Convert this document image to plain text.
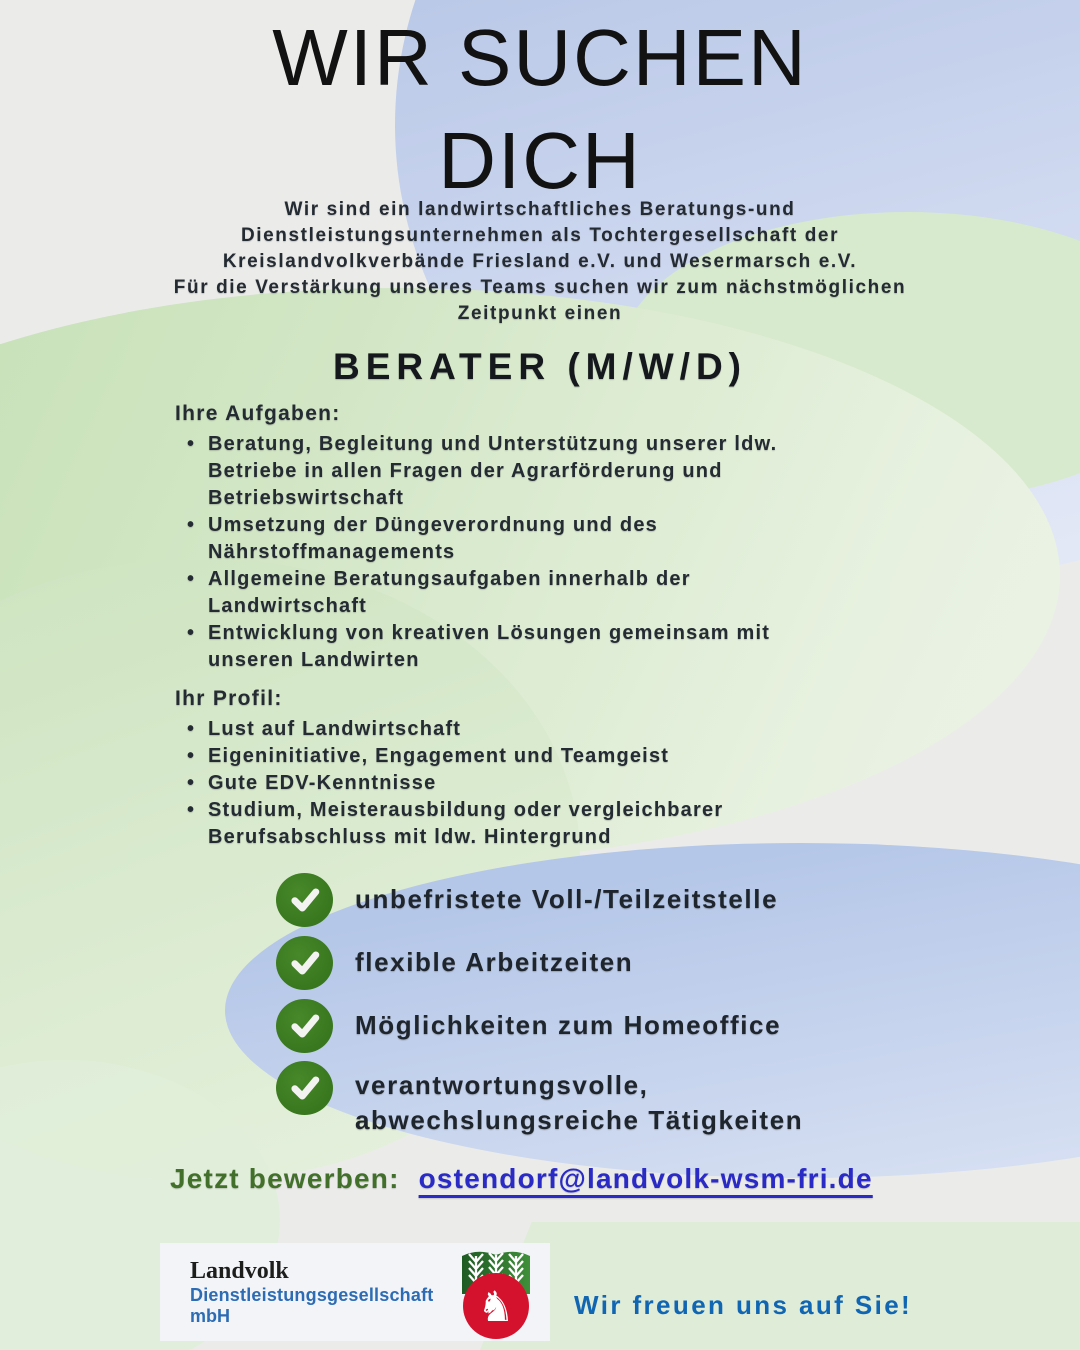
WIR SUCHEN
DICH
Wir sind ein landwirtschaftliches Beratungs-und
Dienstleistungsunternehmen als Tochtergesellschaft der
Kreislandvolkverbände Friesland e.V. und Wesermarsch e.V.
Für die Verstärkung unseres Teams suchen wir zum nächstmöglichen
Zeitpunkt einen
BERATER (M/W/D)
Ihre Aufgaben:
• Beratung, Begleitung und Unterstützung unserer ldw. Betriebe in allen Fragen der Agrarförderung und Betriebswirtschaft
• Umsetzung der Düngeverordnung und des Nährstoffmanagements
• Allgemeine Beratungsaufgaben innerhalb der Landwirtschaft
• Entwicklung von kreativen Lösungen gemeinsam mit unseren Landwirten
Ihr Profil:
• Lust auf Landwirtschaft
• Eigeninitiative, Engagement und Teamgeist
• Gute EDV-Kenntnisse
• Studium, Meisterausbildung oder vergleichbarer Berufsabschluss mit ldw. Hintergrund
unbefristete Voll-/Teilzeitstelle
flexible Arbeitzeiten
Möglichkeiten zum Homeoffice
verantwortungsvolle,
abwechslungsreiche Tätigkeiten
Jetzt bewerben: ostendorf@landvolk-wsm-fri.de
Landvolk
Dienstleistungsgesellschaft
mbH	♞ Wir freuen uns auf Sie!
